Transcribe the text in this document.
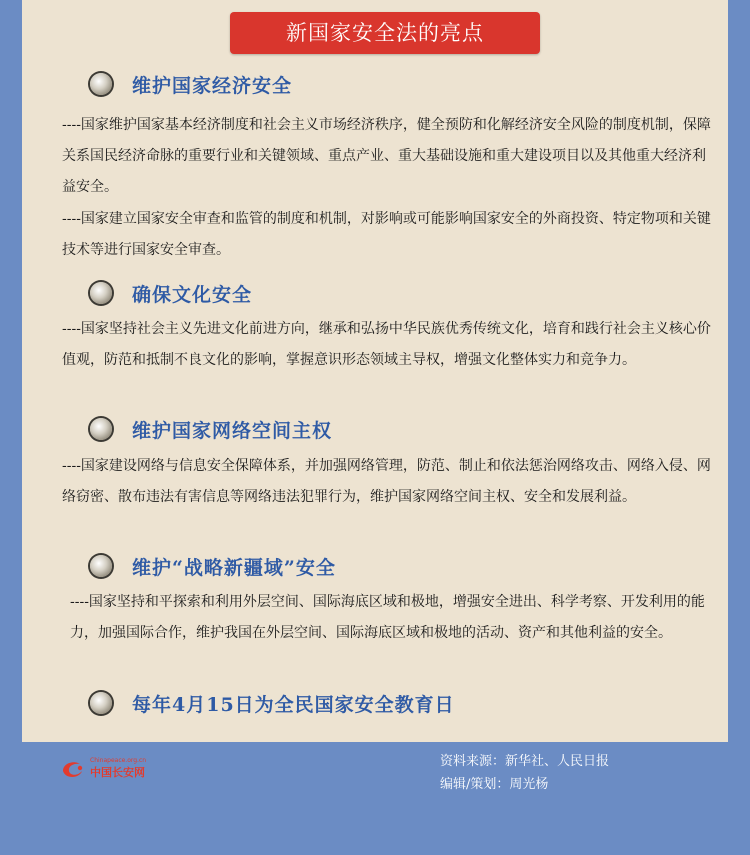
新国家安全法的亮点
维护国家经济安全

----国家维护国家基本经济制度和社会主义市场经济秩序，健全预防和化解经济安全风险的制度机制，保障关系国民经济命脉的重要行业和关键领域、重点产业、重大基础设施和重大建设项目以及其他重大经济利益安全。

----国家建立国家安全审查和监管的制度和机制，对影响或可能影响国家安全的外商投资、特定物项和关键技术等进行国家安全审查。

确保文化安全

----国家坚持社会主义先进文化前进方向，继承和弘扬中华民族优秀传统文化，培育和践行社会主义核心价值观，防范和抵制不良文化的影响，掌握意识形态领域主导权，增强文化整体实力和竞争力。

维护国家网络空间主权

----国家建设网络与信息安全保障体系，并加强网络管理，防范、制止和依法惩治网络攻击、网络入侵、网络窃密、散布违法有害信息等网络违法犯罪行为，维护国家网络空间主权、安全和发展利益。

维护“战略新疆域”安全

----国家坚持和平探索和利用外层空间、国际海底区域和极地，增强安全进出、科学考察、开发利用的能力，加强国际合作，维护我国在外层空间、国际海底区域和极地的活动、资产和其他利益的安全。

每年4月15日为全民国家安全教育日
Chinapeace.org.cn
中国长安网
资料来源：新华社、人民日报
编辑/策划：周光杨
